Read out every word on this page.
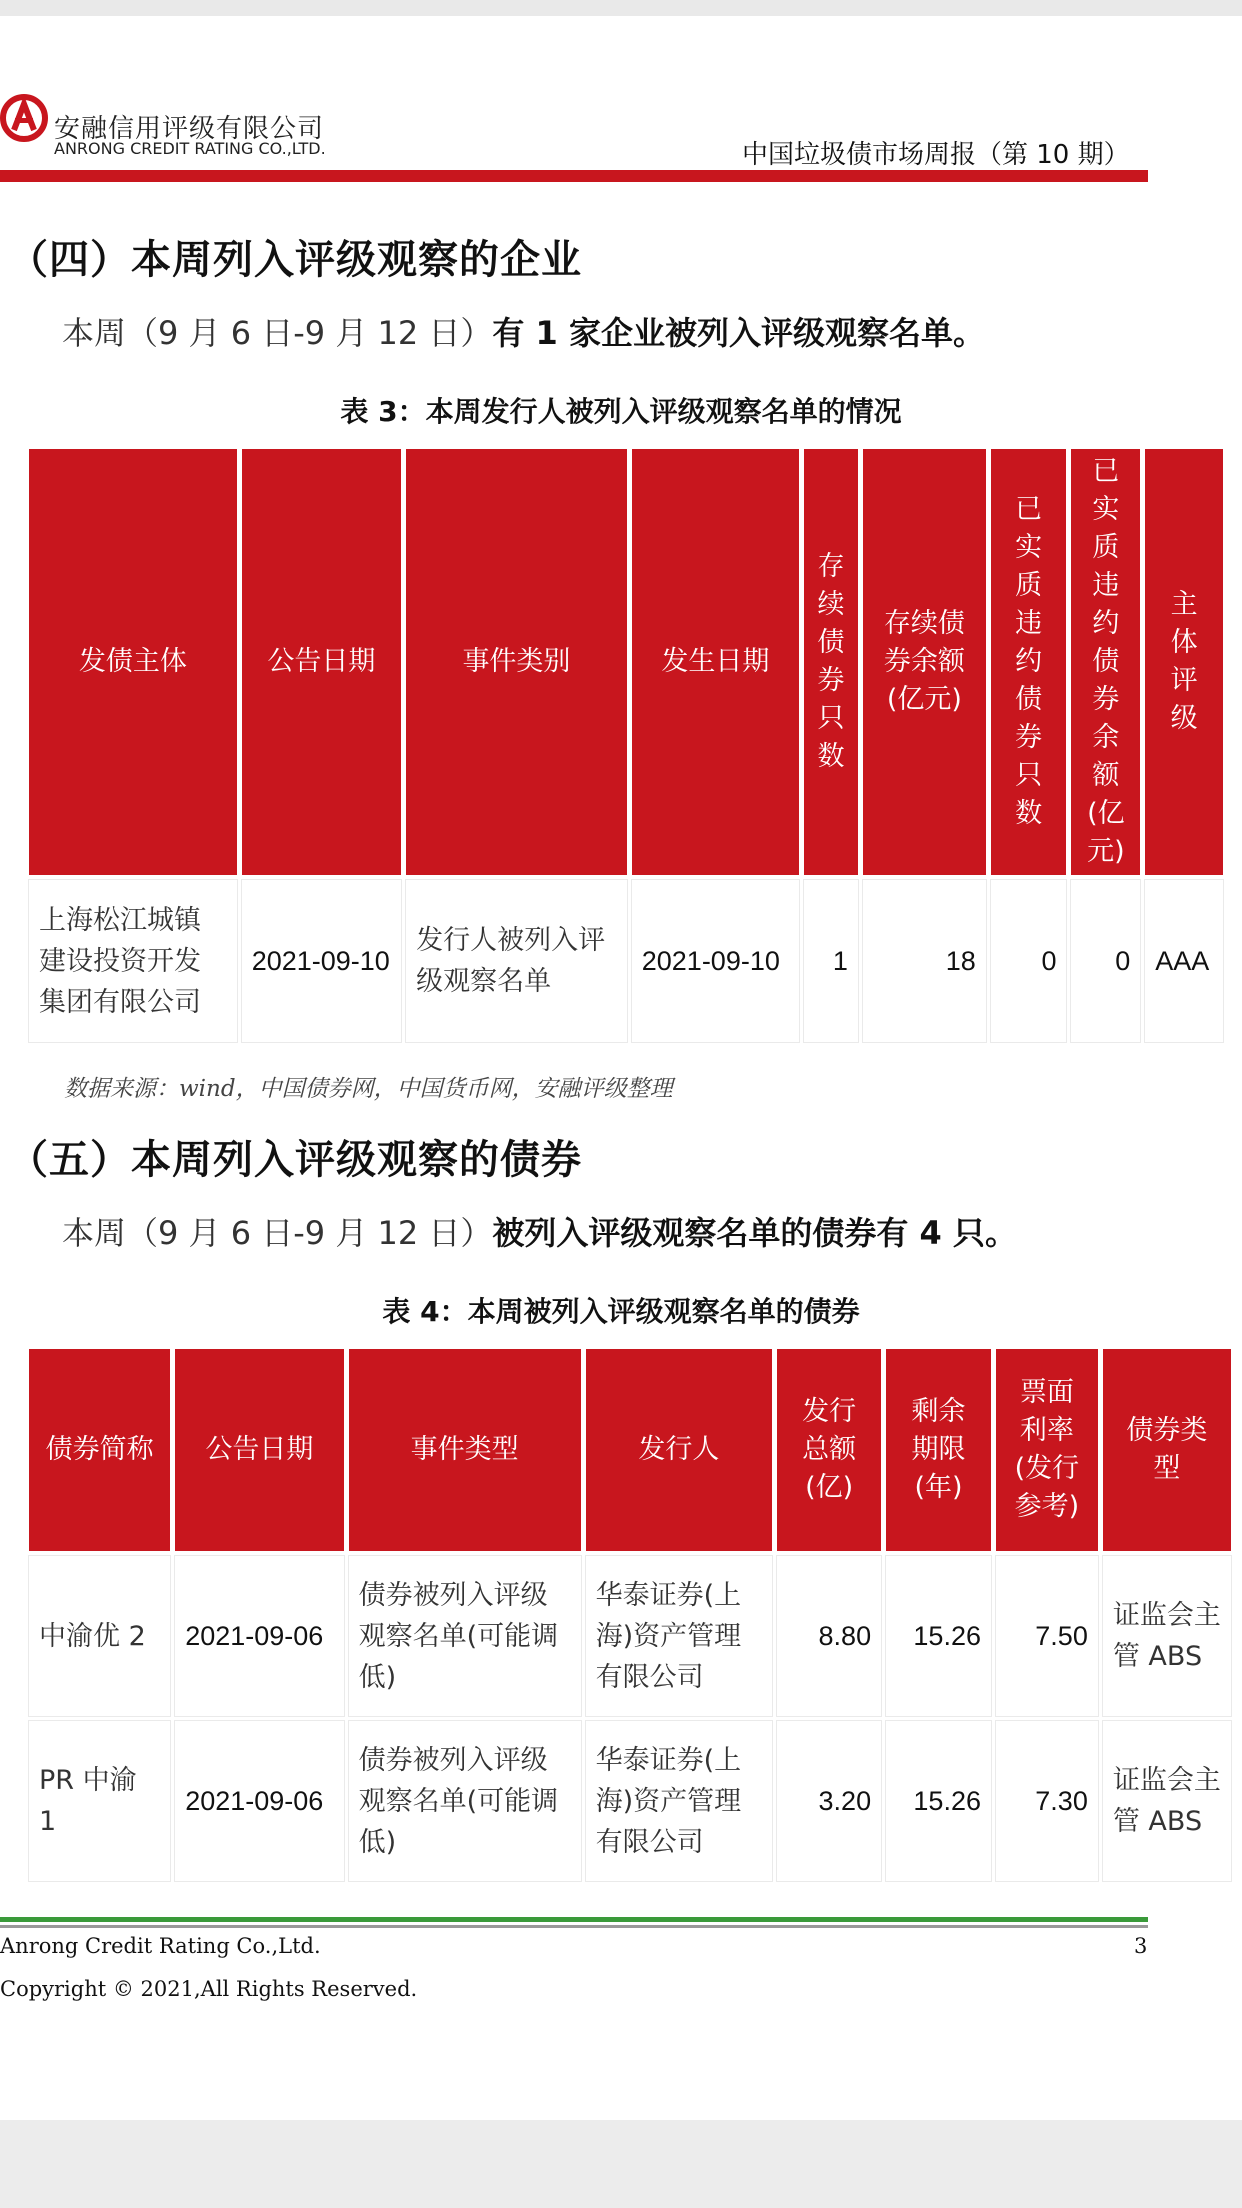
安融信用评级有限公司
ANRONG CREDIT RATING CO.,LTD.	中国垃圾债市场周报（第 10 期）
（四）本周列入评级观察的企业
本周（9 月 6 日-9 月 12 日）有 1 家企业被列入评级观察名单。
表 3：本周发行人被列入评级观察名单的情况
发债主体	公告日期	事件类别	发生日期	存续债券只数	存续债券余额(亿元)	已实质违约债券只数	已实质违约债券余额(亿元)	主体评级
上海松江城镇建设投资开发集团有限公司	2021-09-10	发行人被列入评级观察名单	2021-09-10	1	18	0	0	AAA
数据来源：wind，中国债券网，中国货币网，安融评级整理
（五）本周列入评级观察的债券
本周（9 月 6 日-9 月 12 日）被列入评级观察名单的债券有 4 只。
表 4：本周被列入评级观察名单的债券
债券简称	公告日期	事件类型	发行人	发行总额(亿)	剩余期限(年)	票面利率(发行参考)	债券类型
中渝优 2	2021-09-06	债券被列入评级观察名单(可能调低)	华泰证券(上海)资产管理有限公司	8.80	15.26	7.50	证监会主管 ABS
PR 中渝 1	2021-09-06	债券被列入评级观察名单(可能调低)	华泰证券(上海)资产管理有限公司	3.20	15.26	7.30	证监会主管 ABS
Anrong Credit Rating Co.,Ltd.	3
Copyright © 2021,All Rights Reserved.
